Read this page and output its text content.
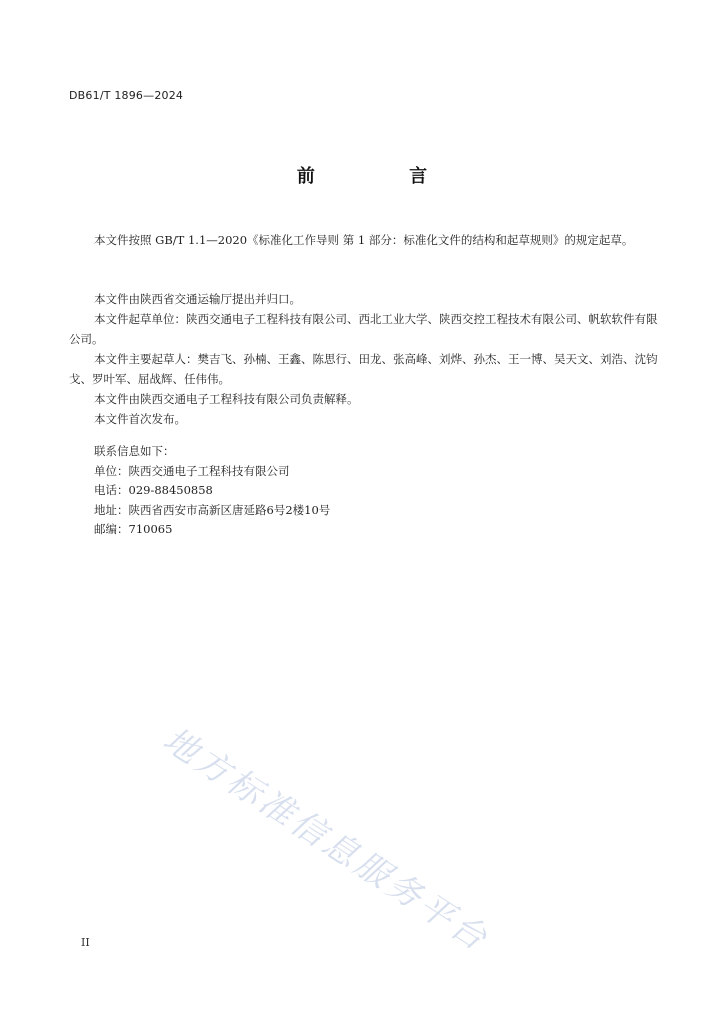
DB61/T 1896—2024
前 言

本文件按照 GB/T 1.1—2020《标准化工作导则 第 1 部分：标准化文件的结构和起草规则》的规定起草。

本文件由陕西省交通运输厅提出并归口。

本文件起草单位：陕西交通电子工程科技有限公司、西北工业大学、陕西交控工程技术有限公司、帆软软件有限公司。

本文件主要起草人：樊吉飞、孙楠、王鑫、陈思行、田龙、张高峰、刘烨、孙杰、王一博、吴天文、刘浩、沈钧戈、罗叶军、屈战辉、任伟伟。

本文件由陕西交通电子工程科技有限公司负责解释。

本文件首次发布。

联系信息如下：

单位：陕西交通电子工程科技有限公司

电话：029-88450858

地址：陕西省西安市高新区唐延路6号2楼10号

邮编：710065

地方标准信息服务平台
II
